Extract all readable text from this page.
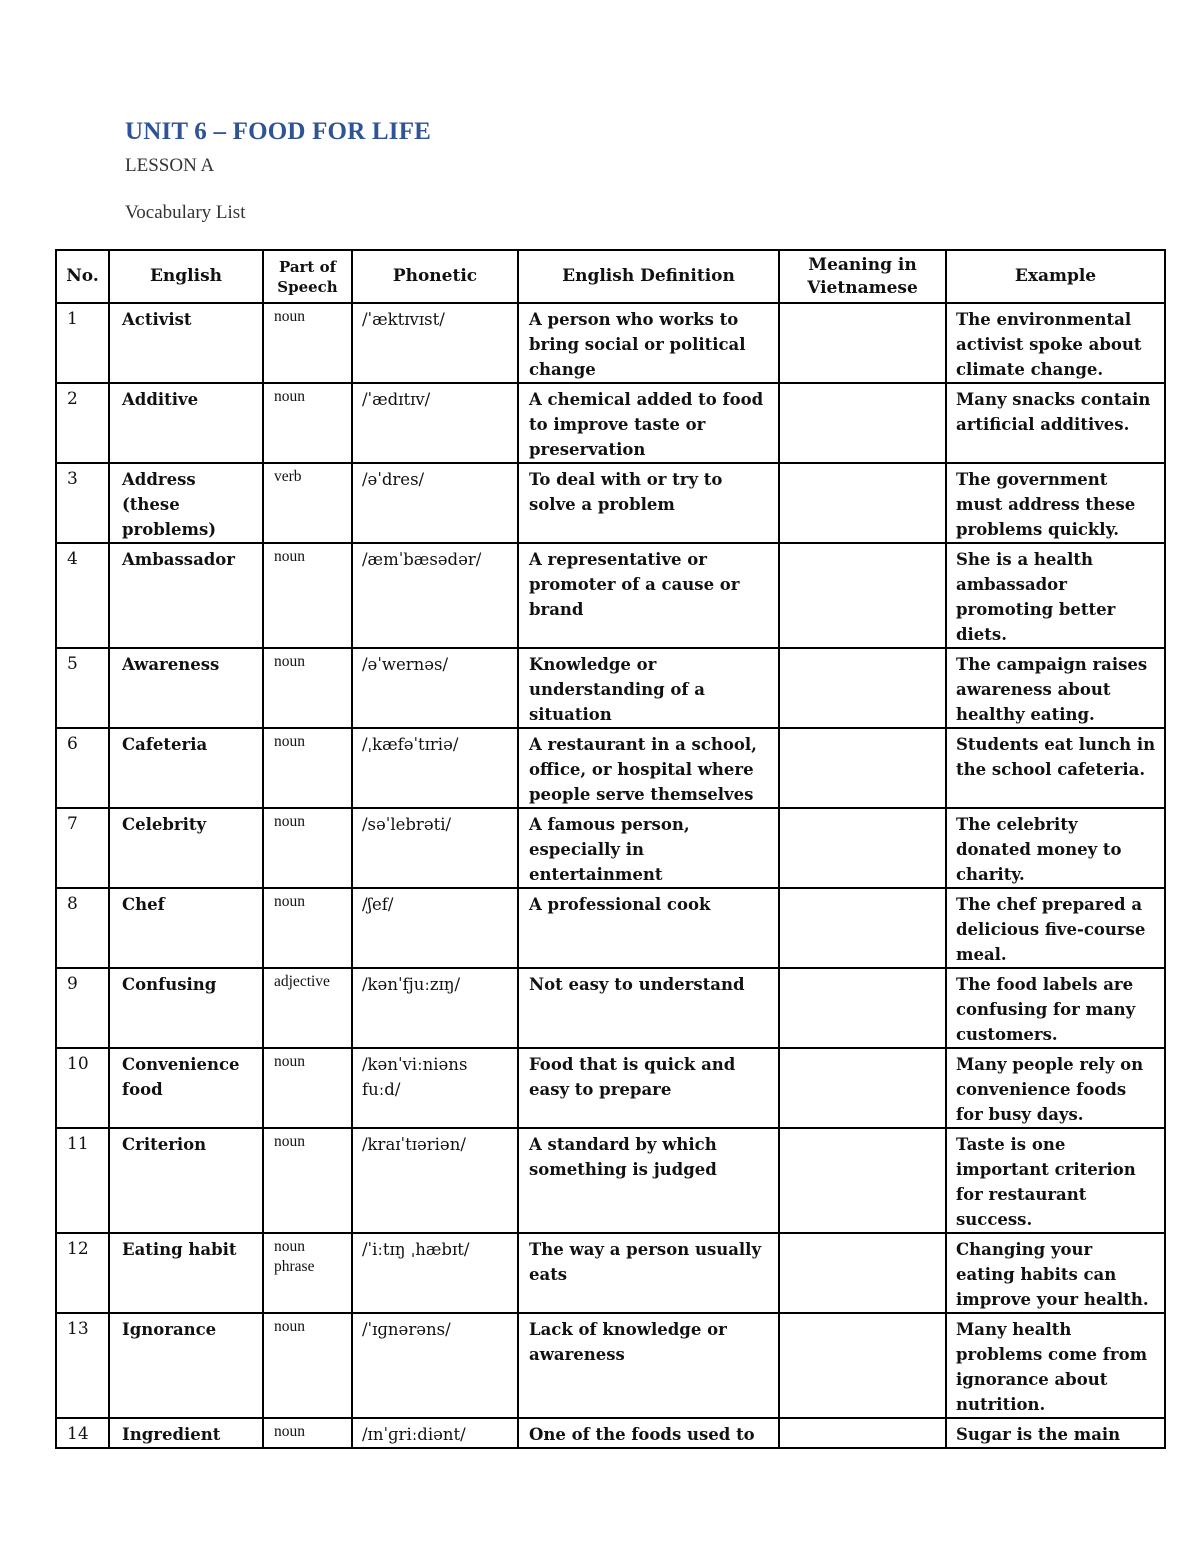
UNIT 6 – FOOD FOR LIFE
LESSON A
Vocabulary List
No.	English	Part of Speech	Phonetic	English Definition	Meaning in Vietnamese	Example
1	Activist	noun	/ˈæktɪvɪst/	A person who works to bring social or political change		The environmental activist spoke about climate change.
2	Additive	noun	/ˈædɪtɪv/	A chemical added to food to improve taste or preservation		Many snacks contain artificial additives.
3	Address (these problems)	verb	/əˈdres/	To deal with or try to solve a problem		The government must address these problems quickly.
4	Ambassador	noun	/æmˈbæsədər/	A representative or promoter of a cause or brand		She is a health ambassador promoting better diets.
5	Awareness	noun	/əˈwernəs/	Knowledge or understanding of a situation		The campaign raises awareness about healthy eating.
6	Cafeteria	noun	/ˌkæfəˈtɪriə/	A restaurant in a school, office, or hospital where people serve themselves		Students eat lunch in the school cafeteria.
7	Celebrity	noun	/səˈlebrəti/	A famous person, especially in entertainment		The celebrity donated money to charity.
8	Chef	noun	/ʃef/	A professional cook		The chef prepared a delicious five-course meal.
9	Confusing	adjective	/kənˈfjuːzɪŋ/	Not easy to understand		The food labels are confusing for many customers.
10	Convenience food	noun	/kənˈviːniəns fuːd/	Food that is quick and easy to prepare		Many people rely on convenience foods for busy days.
11	Criterion	noun	/kraɪˈtɪəriən/	A standard by which something is judged		Taste is one important criterion for restaurant success.
12	Eating habit	noun phrase	/ˈiːtɪŋ ˌhæbɪt/	The way a person usually eats		Changing your eating habits can improve your health.
13	Ignorance	noun	/ˈɪɡnərəns/	Lack of knowledge or awareness		Many health problems come from ignorance about nutrition.
14	Ingredient	noun	/ɪnˈɡriːdiənt/	One of the foods used to		Sugar is the main
